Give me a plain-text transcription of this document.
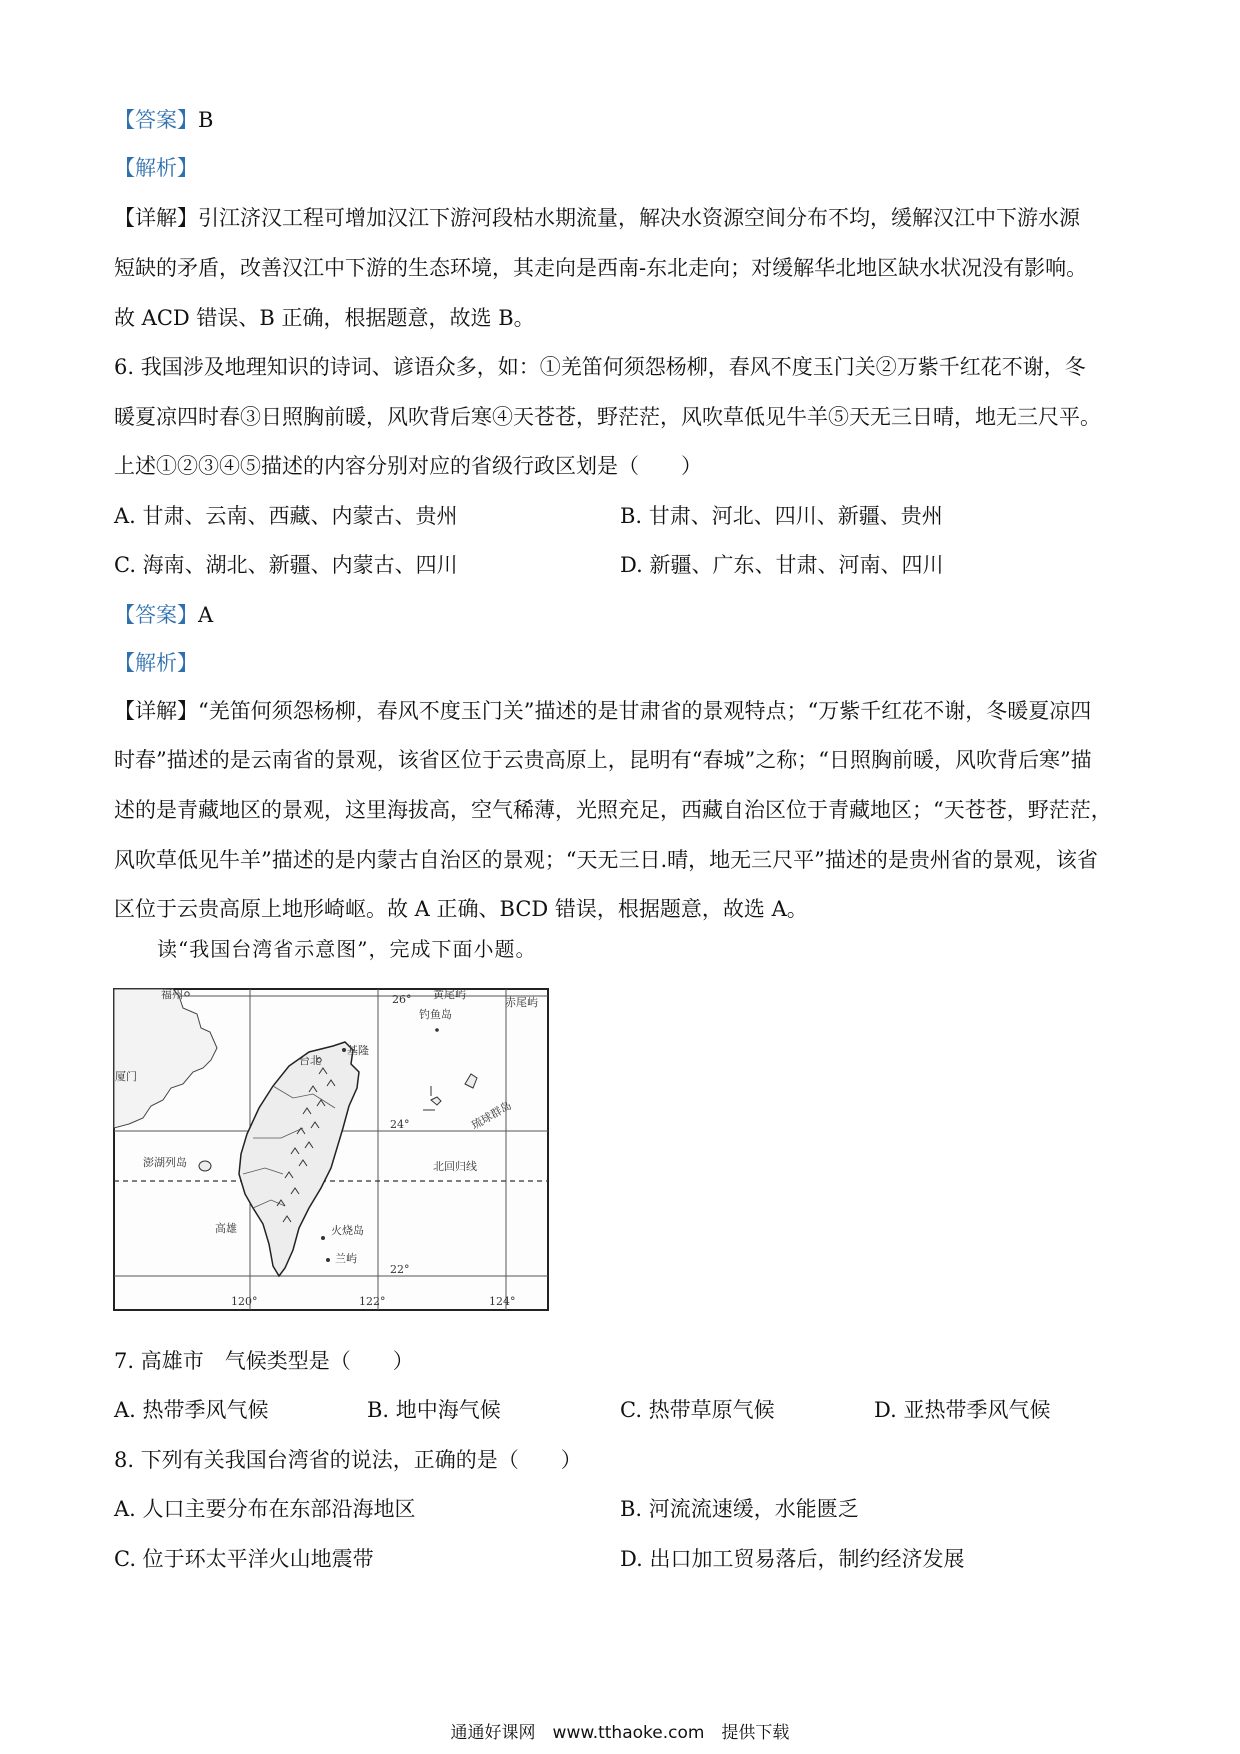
【答案】B
【解析】
【详解】引江济汉工程可增加汉江下游河段枯水期流量，解决水资源空间分布不均，缓解汉江中下游水源
短缺的矛盾，改善汉江中下游的生态环境，其走向是西南-东北走向；对缓解华北地区缺水状况没有影响。
故 ACD 错误、B 正确，根据题意，故选 B。
6. 我国涉及地理知识的诗词、谚语众多，如：①羌笛何须怨杨柳，春风不度玉门关②万紫千红花不谢，冬
暖夏凉四时春③日照胸前暖，风吹背后寒④天苍苍，野茫茫，风吹草低见牛羊⑤天无三日晴，地无三尺平。
上述①②③④⑤描述的内容分别对应的省级行政区划是（　　）
A. 甘肃、云南、西藏、内蒙古、贵州	B. 甘肃、河北、四川、新疆、贵州
C. 海南、湖北、新疆、内蒙古、四川	D. 新疆、广东、甘肃、河南、四川
【答案】A
【解析】
【详解】“羌笛何须怨杨柳，春风不度玉门关”描述的是甘肃省的景观特点；“万紫千红花不谢，冬暖夏凉四
时春”描述的是云南省的景观，该省区位于云贵高原上，昆明有“春城”之称；“日照胸前暖，风吹背后寒”描
述的是青藏地区的景观，这里海拔高，空气稀薄，光照充足，西藏自治区位于青藏地区；“天苍苍，野茫茫，
风吹草低见牛羊”描述的是内蒙古自治区的景观；“天无三日.晴，地无三尺平”描述的是贵州省的景观，该省
区位于云贵高原上地形崎岖。故 A 正确、BCD 错误，根据题意，故选 A。
读“我国台湾省示意图”，完成下面小题。
福州
厦门
澎湖列岛
高雄
台北
基隆
黄尾屿
钓鱼岛
赤尾屿
琉球群岛
北回归线
火烧岛
兰屿
26°
24°
22°
120°	122°	124°
7. 高雄市　气候类型是（　　）
A. 热带季风气候	B. 地中海气候	C. 热带草原气候	D. 亚热带季风气候
8. 下列有关我国台湾省的说法，正确的是（　　）
A. 人口主要分布在东部沿海地区	B. 河流流速缓，水能匮乏
C. 位于环太平洋火山地震带	D. 出口加工贸易落后，制约经济发展
通通好课网　www.tthaoke.com　提供下载
